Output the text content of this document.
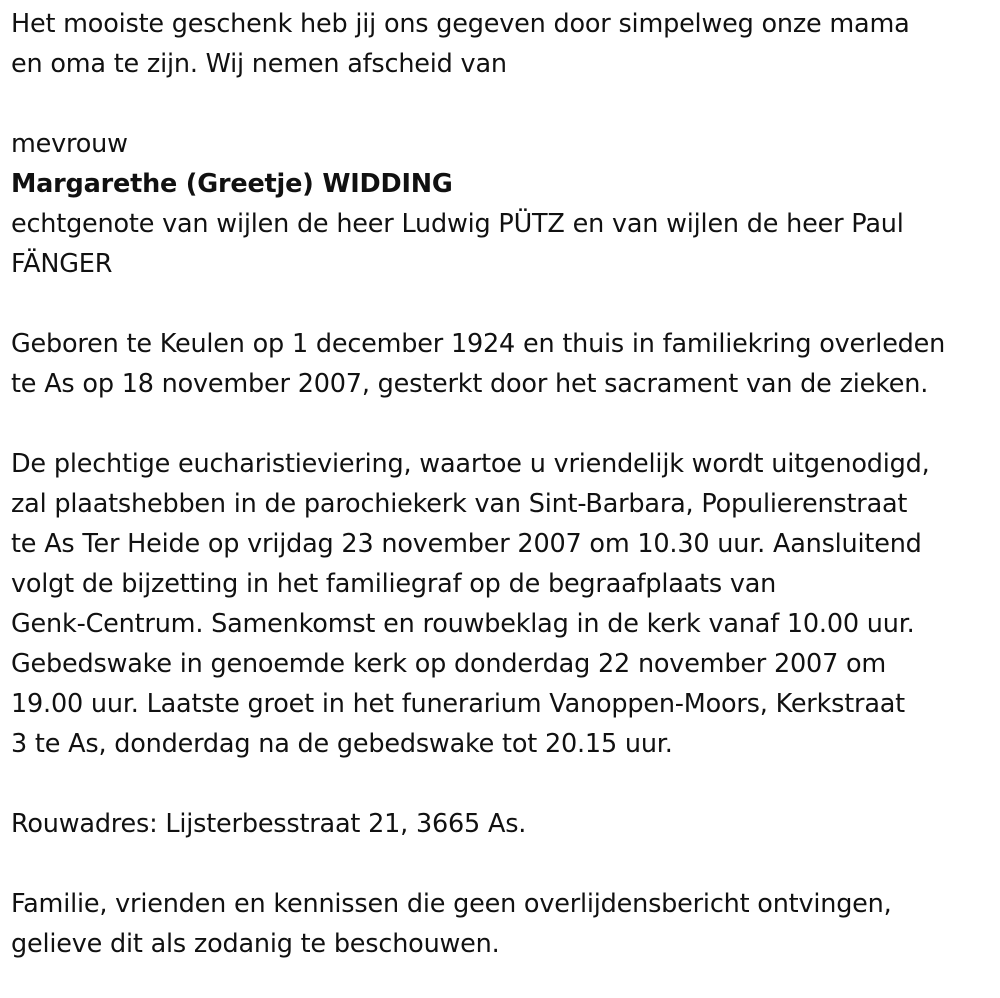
Het mooiste geschenk heb jij ons gegeven door simpelweg onze mama
en oma te zijn. Wij nemen afscheid van

mevrouw

Margarethe (Greetje) WIDDING

echtgenote van wijlen de heer Ludwig PÜTZ en van wijlen de heer Paul
FÄNGER

Geboren te Keulen op 1 december 1924 en thuis in familiekring overleden
te As op 18 november 2007, gesterkt door het sacrament van de zieken.

De plechtige eucharistieviering, waartoe u vriendelijk wordt uitgenodigd,
zal plaatshebben in de parochiekerk van Sint-Barbara, Populierenstraat
te As Ter Heide op vrijdag 23 november 2007 om 10.30 uur. Aansluitend
volgt de bijzetting in het familiegraf op de begraafplaats van
Genk-Centrum. Samenkomst en rouwbeklag in de kerk vanaf 10.00 uur.
Gebedswake in genoemde kerk op donderdag 22 november 2007 om
19.00 uur. Laatste groet in het funerarium Vanoppen-Moors, Kerkstraat
3 te As, donderdag na de gebedswake tot 20.15 uur.

Rouwadres: Lijsterbesstraat 21, 3665 As.

Familie, vrienden en kennissen die geen overlijdensbericht ontvingen,
gelieve dit als zodanig te beschouwen.
